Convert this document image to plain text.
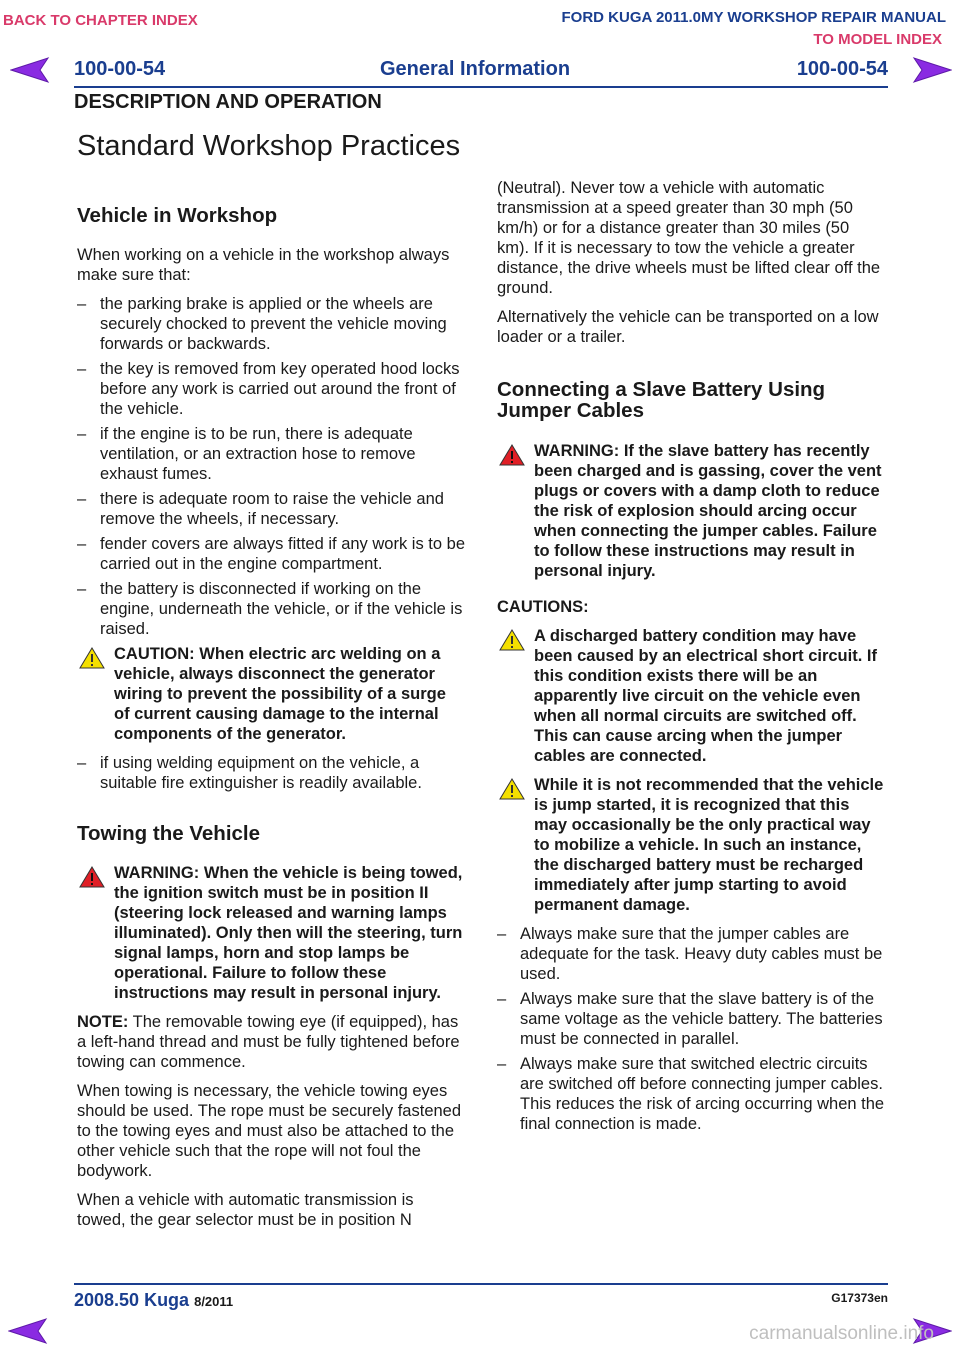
BACK TO CHAPTER INDEX	FORD KUGA 2011.0MY WORKSHOP REPAIR MANUAL
TO MODEL INDEX
100-00-54	General Information	100-00-54
DESCRIPTION AND OPERATION
Standard Workshop Practices
Vehicle in Workshop

When working on a vehicle in the workshop always make sure that:

– the parking brake is applied or the wheels are securely chocked to prevent the vehicle moving forwards or backwards.
– the key is removed from key operated hood locks before any work is carried out around the front of the vehicle.
– if the engine is to be run, there is adequate ventilation, or an extraction hose to remove exhaust fumes.
– there is adequate room to raise the vehicle and remove the wheels, if necessary.
– fender covers are always fitted if any work is to be carried out in the engine compartment.
– the battery is disconnected if working on the engine, underneath the vehicle, or if the vehicle is raised.
CAUTION: When electric arc welding on a vehicle, always disconnect the generator wiring to prevent the possibility of a surge of current causing damage to the internal components of the generator.
– if using welding equipment on the vehicle, a suitable fire extinguisher is readily available.
Towing the Vehicle
WARNING: When the vehicle is being towed, the ignition switch must be in position II (steering lock released and warning lamps illuminated). Only then will the steering, turn signal lamps, horn and stop lamps be operational. Failure to follow these instructions may result in personal injury.

NOTE: The removable towing eye (if equipped), has a left-hand thread and must be fully tightened before towing can commence.

When towing is necessary, the vehicle towing eyes should be used. The rope must be securely fastened to the towing eyes and must also be attached to the other vehicle such that the rope will not foul the bodywork.

When a vehicle with automatic transmission is towed, the gear selector must be in position N

(Neutral). Never tow a vehicle with automatic transmission at a speed greater than 30 mph (50 km/h) or for a distance greater than 30 miles (50 km). If it is necessary to tow the vehicle a greater distance, the drive wheels must be lifted clear off the ground.

Alternatively the vehicle can be transported on a low loader or a trailer.

Connecting a Slave Battery Using Jumper Cables
WARNING: If the slave battery has recently been charged and is gassing, cover the vent plugs or covers with a damp cloth to reduce the risk of explosion should arcing occur when connecting the jumper cables. Failure to follow these instructions may result in personal injury.

CAUTIONS:

A discharged battery condition may have been caused by an electrical short circuit. If this condition exists there will be an apparently live circuit on the vehicle even when all normal circuits are switched off. This can cause arcing when the jumper cables are connected.
While it is not recommended that the vehicle is jump started, it is recognized that this may occasionally be the only practical way to mobilize a vehicle. In such an instance, the discharged battery must be recharged immediately after jump starting to avoid permanent damage.
– Always make sure that the jumper cables are adequate for the task. Heavy duty cables must be used.
– Always make sure that the slave battery is of the same voltage as the vehicle battery. The batteries must be connected in parallel.
– Always make sure that switched electric circuits are switched off before connecting jumper cables. This reduces the risk of arcing occurring when the final connection is made.
2008.50 Kuga 8/2011	G17373en
carmanualsonline.info
